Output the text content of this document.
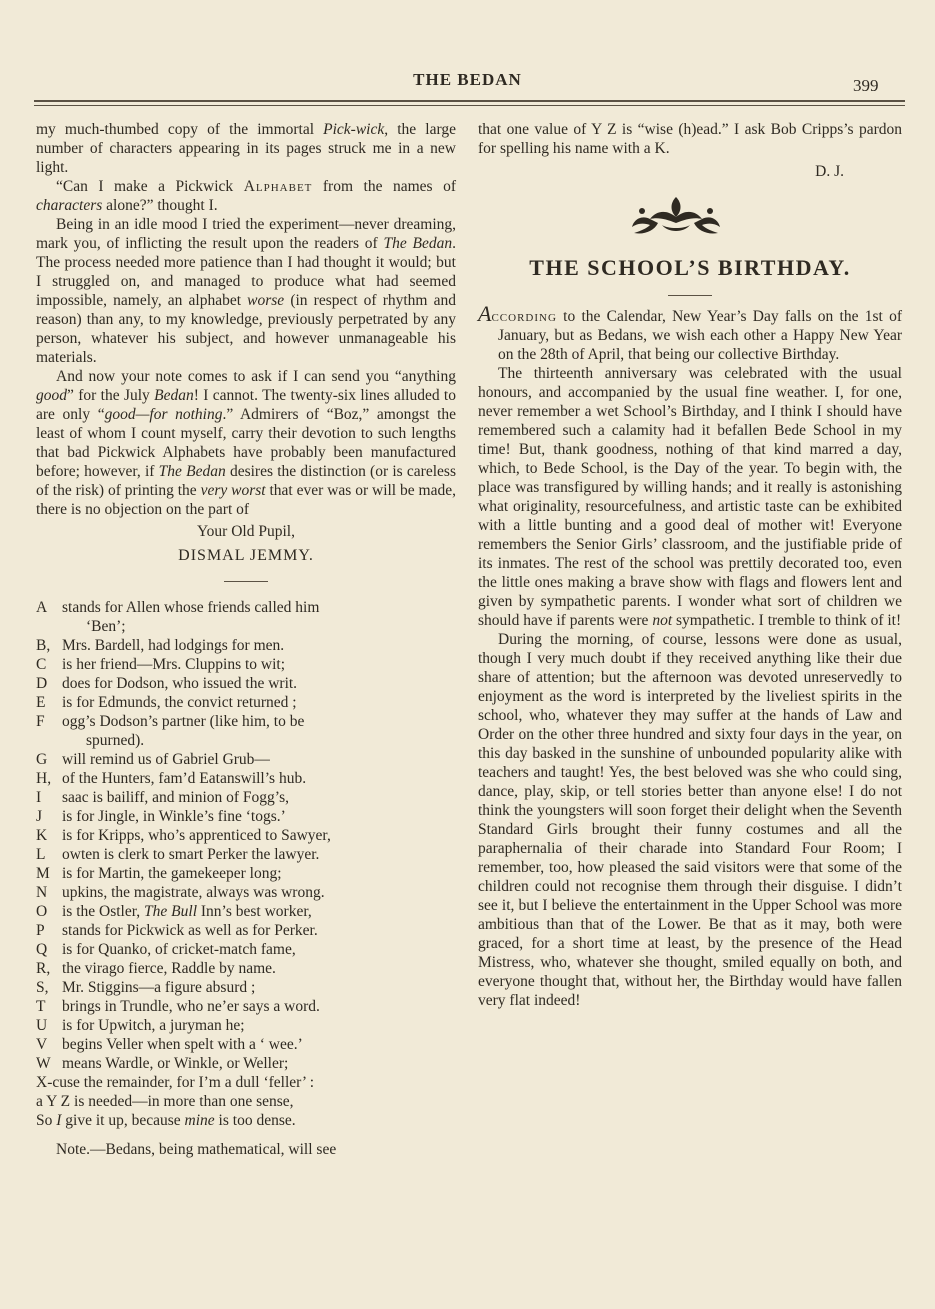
THE BEDAN	399

my much-thumbed copy of the immortal Pick-wick, the large number of characters appearing in its pages struck me in a new light.

“Can I make a Pickwick Alphabet from the names of characters alone?” thought I.

Being in an idle mood I tried the experiment—never dreaming, mark you, of inflicting the result upon the readers of The Bedan. The process needed more patience than I had thought it would; but I struggled on, and managed to produce what had seemed impossible, namely, an alphabet worse (in respect of rhythm and reason) than any, to my knowledge, previously perpetrated by any person, whatever his subject, and however unmanageable his materials.

And now your note comes to ask if I can send you “anything good” for the July Bedan! I cannot. The twenty-six lines alluded to are only “good—for nothing.” Admirers of “Boz,” amongst the least of whom I count myself, carry their devotion to such lengths that bad Pickwick Alphabets have probably been manufactured before; however, if The Bedan desires the distinction (or is careless of the risk) of printing the very worst that ever was or will be made, there is no objection on the part of

Your Old Pupil,

DISMAL JEMMY.

A stands for Allen whose friends called him
‘Ben’;
B, Mrs. Bardell, had lodgings for men.
C	is her friend—Mrs. Cluppins to wit;
D does for Dodson, who issued the writ.
E	is for Edmunds, the convict returned ;
F	ogg’s Dodson’s partner (like him, to be
spurned).
G will remind us of Gabriel Grub—
H, of the Hunters, fam’d Eatanswill’s hub.
I	saac is bailiff, and minion of Fogg’s,
J	is for Jingle, in Winkle’s fine ‘togs.’
K is for Kripps, who’s apprenticed to Sawyer,
L	owten is clerk to smart Perker the lawyer.
M is for Martin, the gamekeeper long;
N upkins, the magistrate, always was wrong.
O is the Ostler, The Bull Inn’s best worker,
P	stands for Pickwick as well as for Perker.
Q is for Quanko, of cricket-match fame,
R, the virago fierce, Raddle by name.
S, Mr. Stiggins—a figure absurd ;
T	brings in Trundle, who ne’er says a word.
U is for Upwitch, a juryman he;
V begins Veller when spelt with a ‘ wee.’
W means Wardle, or Winkle, or Weller;
X-cuse the remainder, for I’m a dull ‘feller’ :
a Y Z is needed—in more than one sense,
So I give it up, because mine is too dense.

Note.—Bedans, being mathematical, will see

that one value of Y Z is “wise (h)ead.” I ask Bob Cripps’s pardon for spelling his name with a K.

D. J.

THE SCHOOL’S BIRTHDAY.

According to the Calendar, New Year’s Day falls on the 1st of January, but as Bedans, we wish each other a Happy New Year on the 28th of April, that being our collective Birthday.

The thirteenth anniversary was celebrated with the usual honours, and accompanied by the usual fine weather. I, for one, never remember a wet School’s Birthday, and I think I should have remembered such a calamity had it befallen Bede School in my time! But, thank goodness, nothing of that kind marred a day, which, to Bede School, is the Day of the year. To begin with, the place was transfigured by willing hands; and it really is astonishing what originality, resourcefulness, and artistic taste can be exhibited with a little bunting and a good deal of mother wit! Everyone remembers the Senior Girls’ classroom, and the justifiable pride of its inmates. The rest of the school was prettily decorated too, even the little ones making a brave show with flags and flowers lent and given by sympathetic parents. I wonder what sort of children we should have if parents were not sympathetic. I tremble to think of it!

During the morning, of course, lessons were done as usual, though I very much doubt if they received anything like their due share of attention; but the afternoon was devoted unreservedly to enjoyment as the word is interpreted by the liveliest spirits in the school, who, whatever they may suffer at the hands of Law and Order on the other three hundred and sixty four days in the year, on this day basked in the sunshine of unbounded popularity alike with teachers and taught! Yes, the best beloved was she who could sing, dance, play, skip, or tell stories better than anyone else! I do not think the youngsters will soon forget their delight when the Seventh Standard Girls brought their funny costumes and all the paraphernalia of their charade into Standard Four Room; I remember, too, how pleased the said visitors were that some of the children could not recognise them through their disguise. I didn’t see it, but I believe the entertainment in the Upper School was more ambitious than that of the Lower. Be that as it may, both were graced, for a short time at least, by the presence of the Head Mistress, who, whatever she thought, smiled equally on both, and everyone thought that, without her, the Birthday would have fallen very flat indeed!
